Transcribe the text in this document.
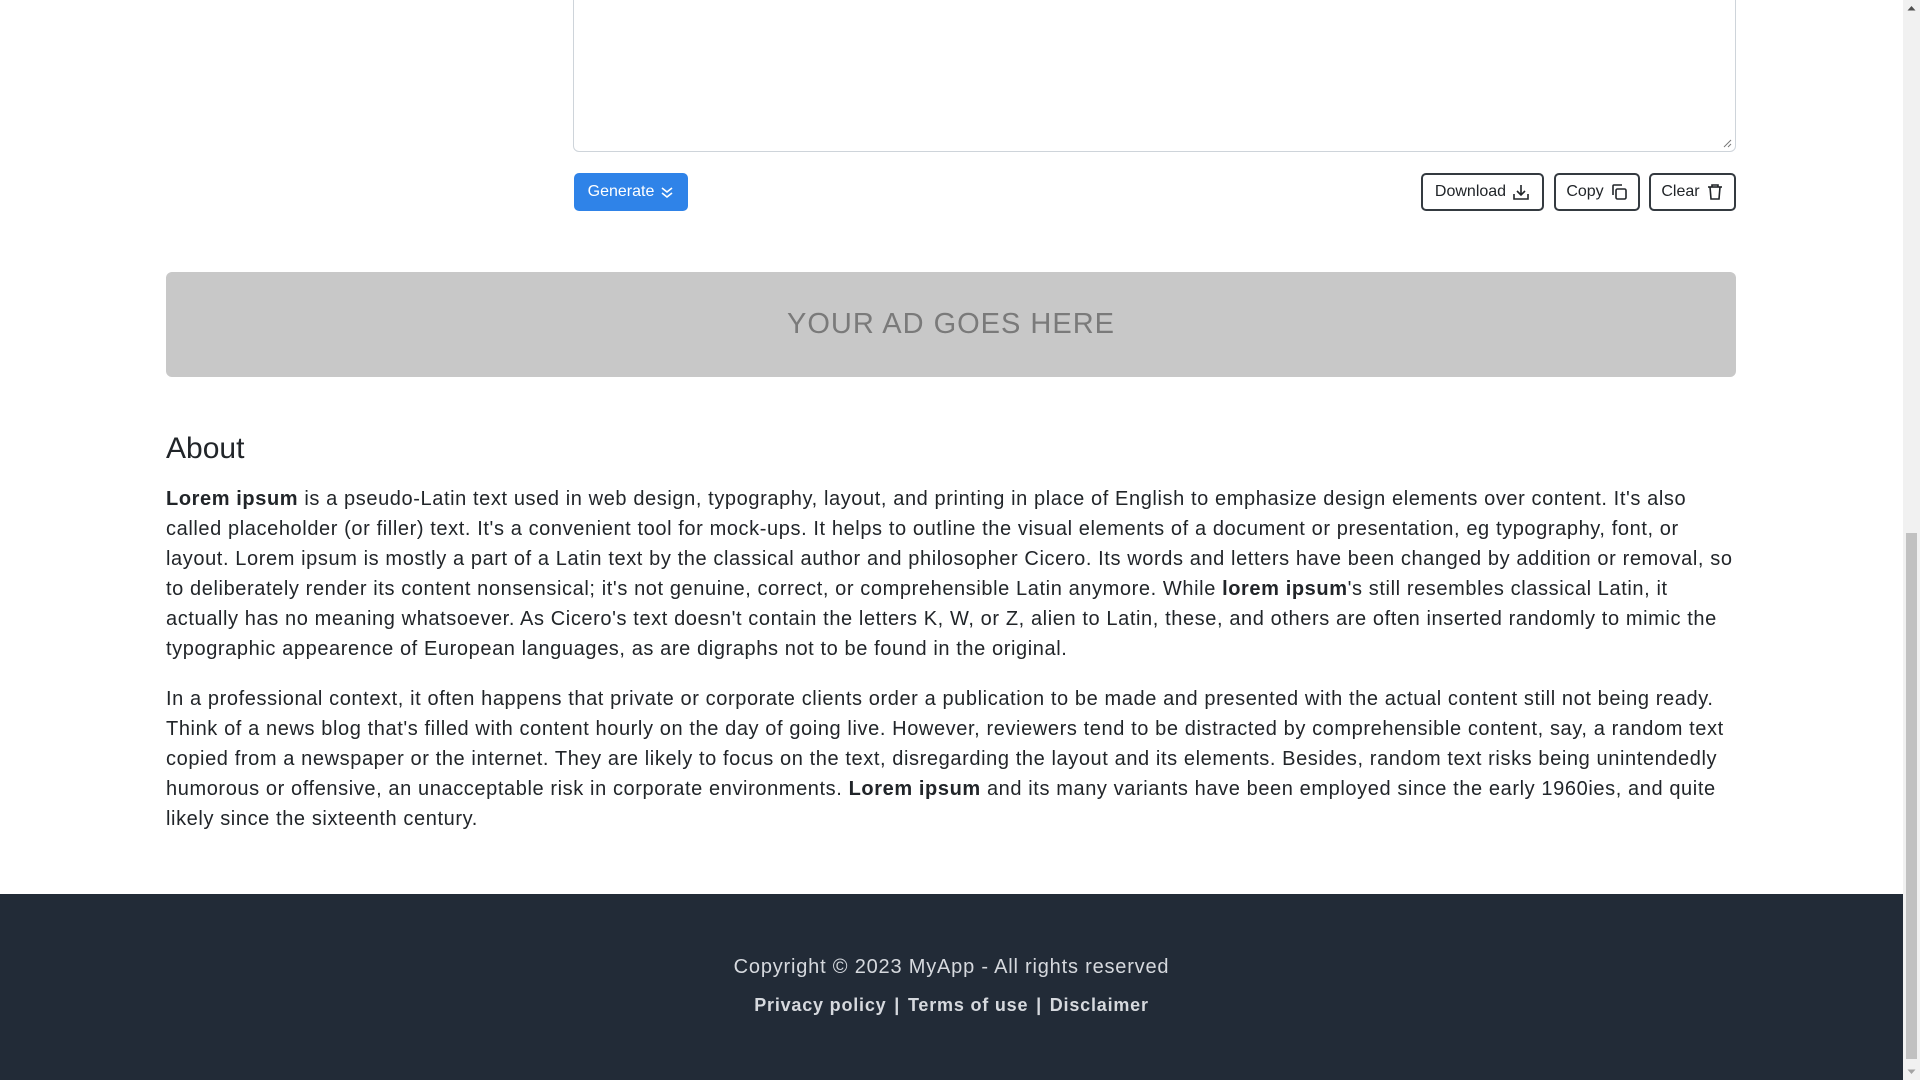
Generate	Download	Copy	Clear
YOUR AD GOES HERE
About

Lorem ipsum is a pseudo-Latin text used in web design, typography, layout, and printing in place of English to emphasize design elements over content. It's also called placeholder (or filler) text. It's a convenient tool for mock-ups. It helps to outline the visual elements of a document or presentation, eg typography, font, or layout. Lorem ipsum is mostly a part of a Latin text by the classical author and philosopher Cicero. Its words and letters have been changed by addition or removal, so to deliberately render its content nonsensical; it's not genuine, correct, or comprehensible Latin anymore. While lorem ipsum's still resembles classical Latin, it actually has no meaning whatsoever. As Cicero's text doesn't contain the letters K, W, or Z, alien to Latin, these, and others are often inserted randomly to mimic the typographic appearence of European languages, as are digraphs not to be found in the original.

In a professional context, it often happens that private or corporate clients order a publication to be made and presented with the actual content still not being ready. Think of a news blog that's filled with content hourly on the day of going live. However, reviewers tend to be distracted by comprehensible content, say, a random text copied from a newspaper or the internet. They are likely to focus on the text, disregarding the layout and its elements. Besides, random text risks being unintendedly humorous or offensive, an unacceptable risk in corporate environments. Lorem ipsum and its many variants have been employed since the early 1960ies, and quite likely since the sixteenth century.

Copyright © 2023 MyApp - All rights reserved
Privacy policy | Terms of use | Disclaimer
